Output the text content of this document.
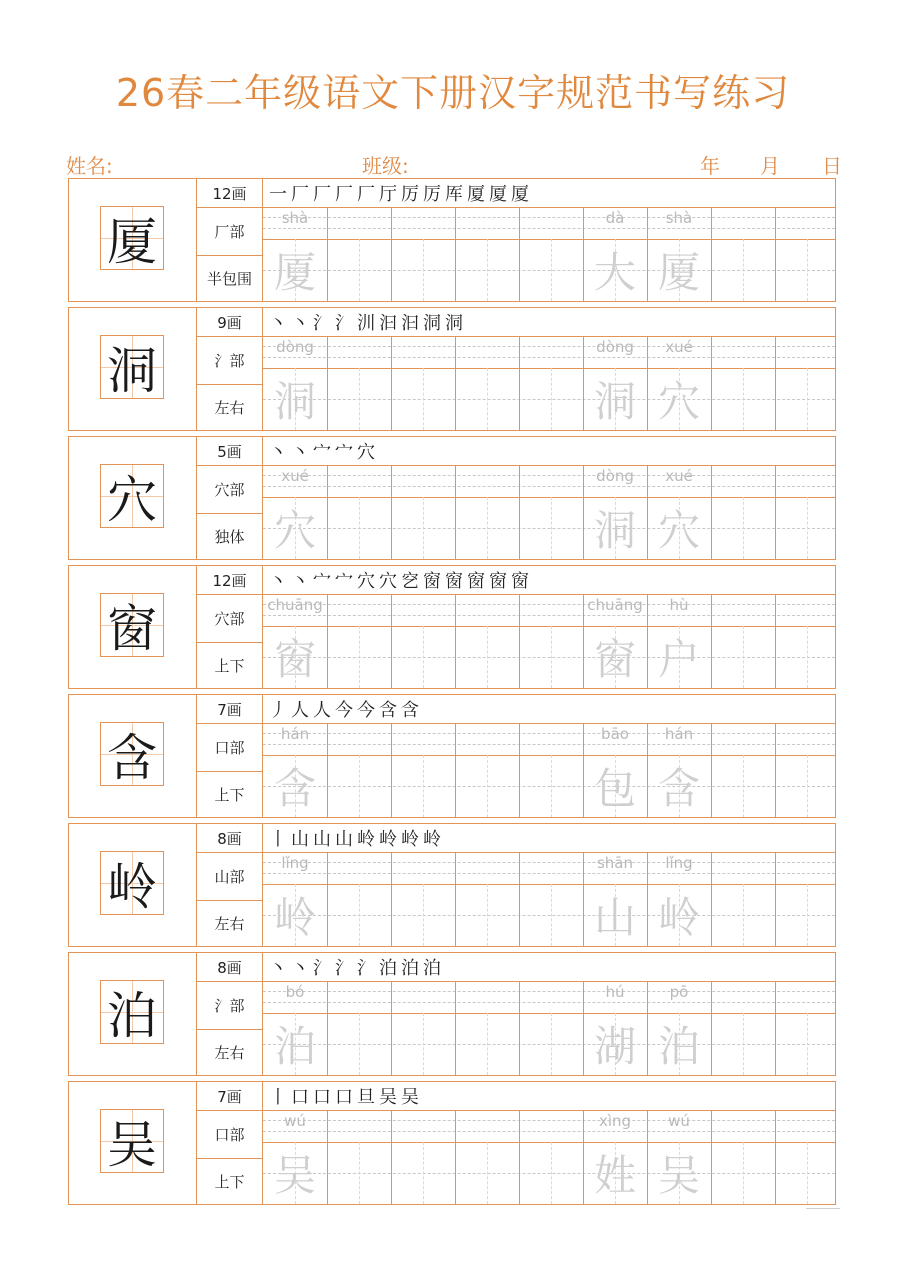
26春二年级语文下册汉字规范书写练习
姓名:	班级:	年 月 日
厦
12画
厂部
半包围
一 厂 厂 厂 厂 厅 厉 厉 厍 厦 厦 厦
shà
厦
dà
大
shà
厦
洞
9画
氵部
左右
丶 丶 氵 氵 汌 汩 汩 洞 洞
dòng
洞
dòng
洞
xué
穴
穴
5画
穴部
独体
丶 丶 宀 宀 穴
xué
穴
dòng
洞
xué
穴
窗
12画
穴部
上下
丶 丶 宀 宀 穴 穴 穵 窗 窗 窗 窗 窗
chuāng
窗
chuāng
窗
hù
户
含
7画
口部
上下
丿 人 人 今 今 含 含
hán
含
bāo
包
hán
含
岭
8画
山部
左右
丨 山 山 山 岭 岭 岭 岭
lǐng
岭
shān
山
lǐng
岭
泊
8画
氵部
左右
丶 丶 氵 氵 氵 泊 泊 泊
bó
泊
hú
湖
pō
泊
吴
7画
口部
上下
丨 口 口 口 旦 吴 吴
wú
吴
xìng
姓
wú
吴
